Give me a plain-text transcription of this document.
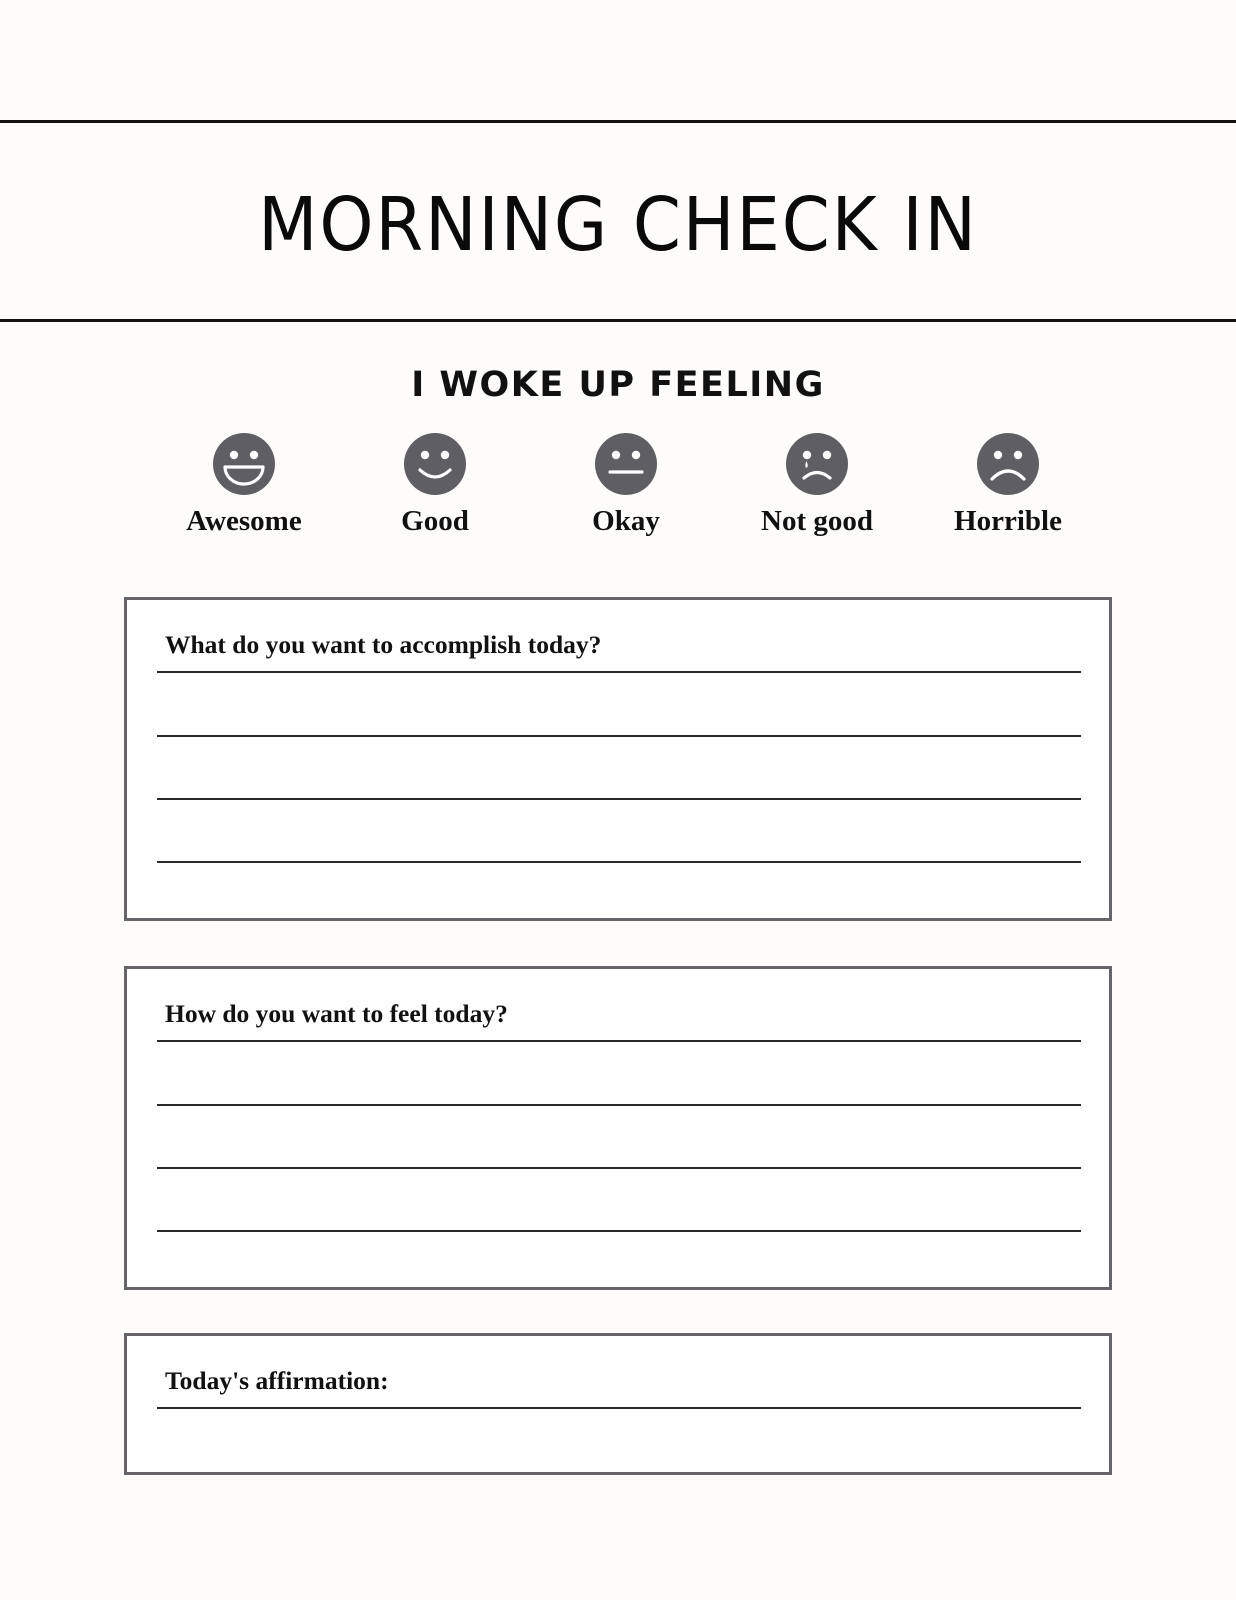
MORNING CHECK IN
I WOKE UP FEELING
Awesome	Good	Okay	Not good	Horrible
What do you want to accomplish today?
How do you want to feel today?
Today's affirmation:
